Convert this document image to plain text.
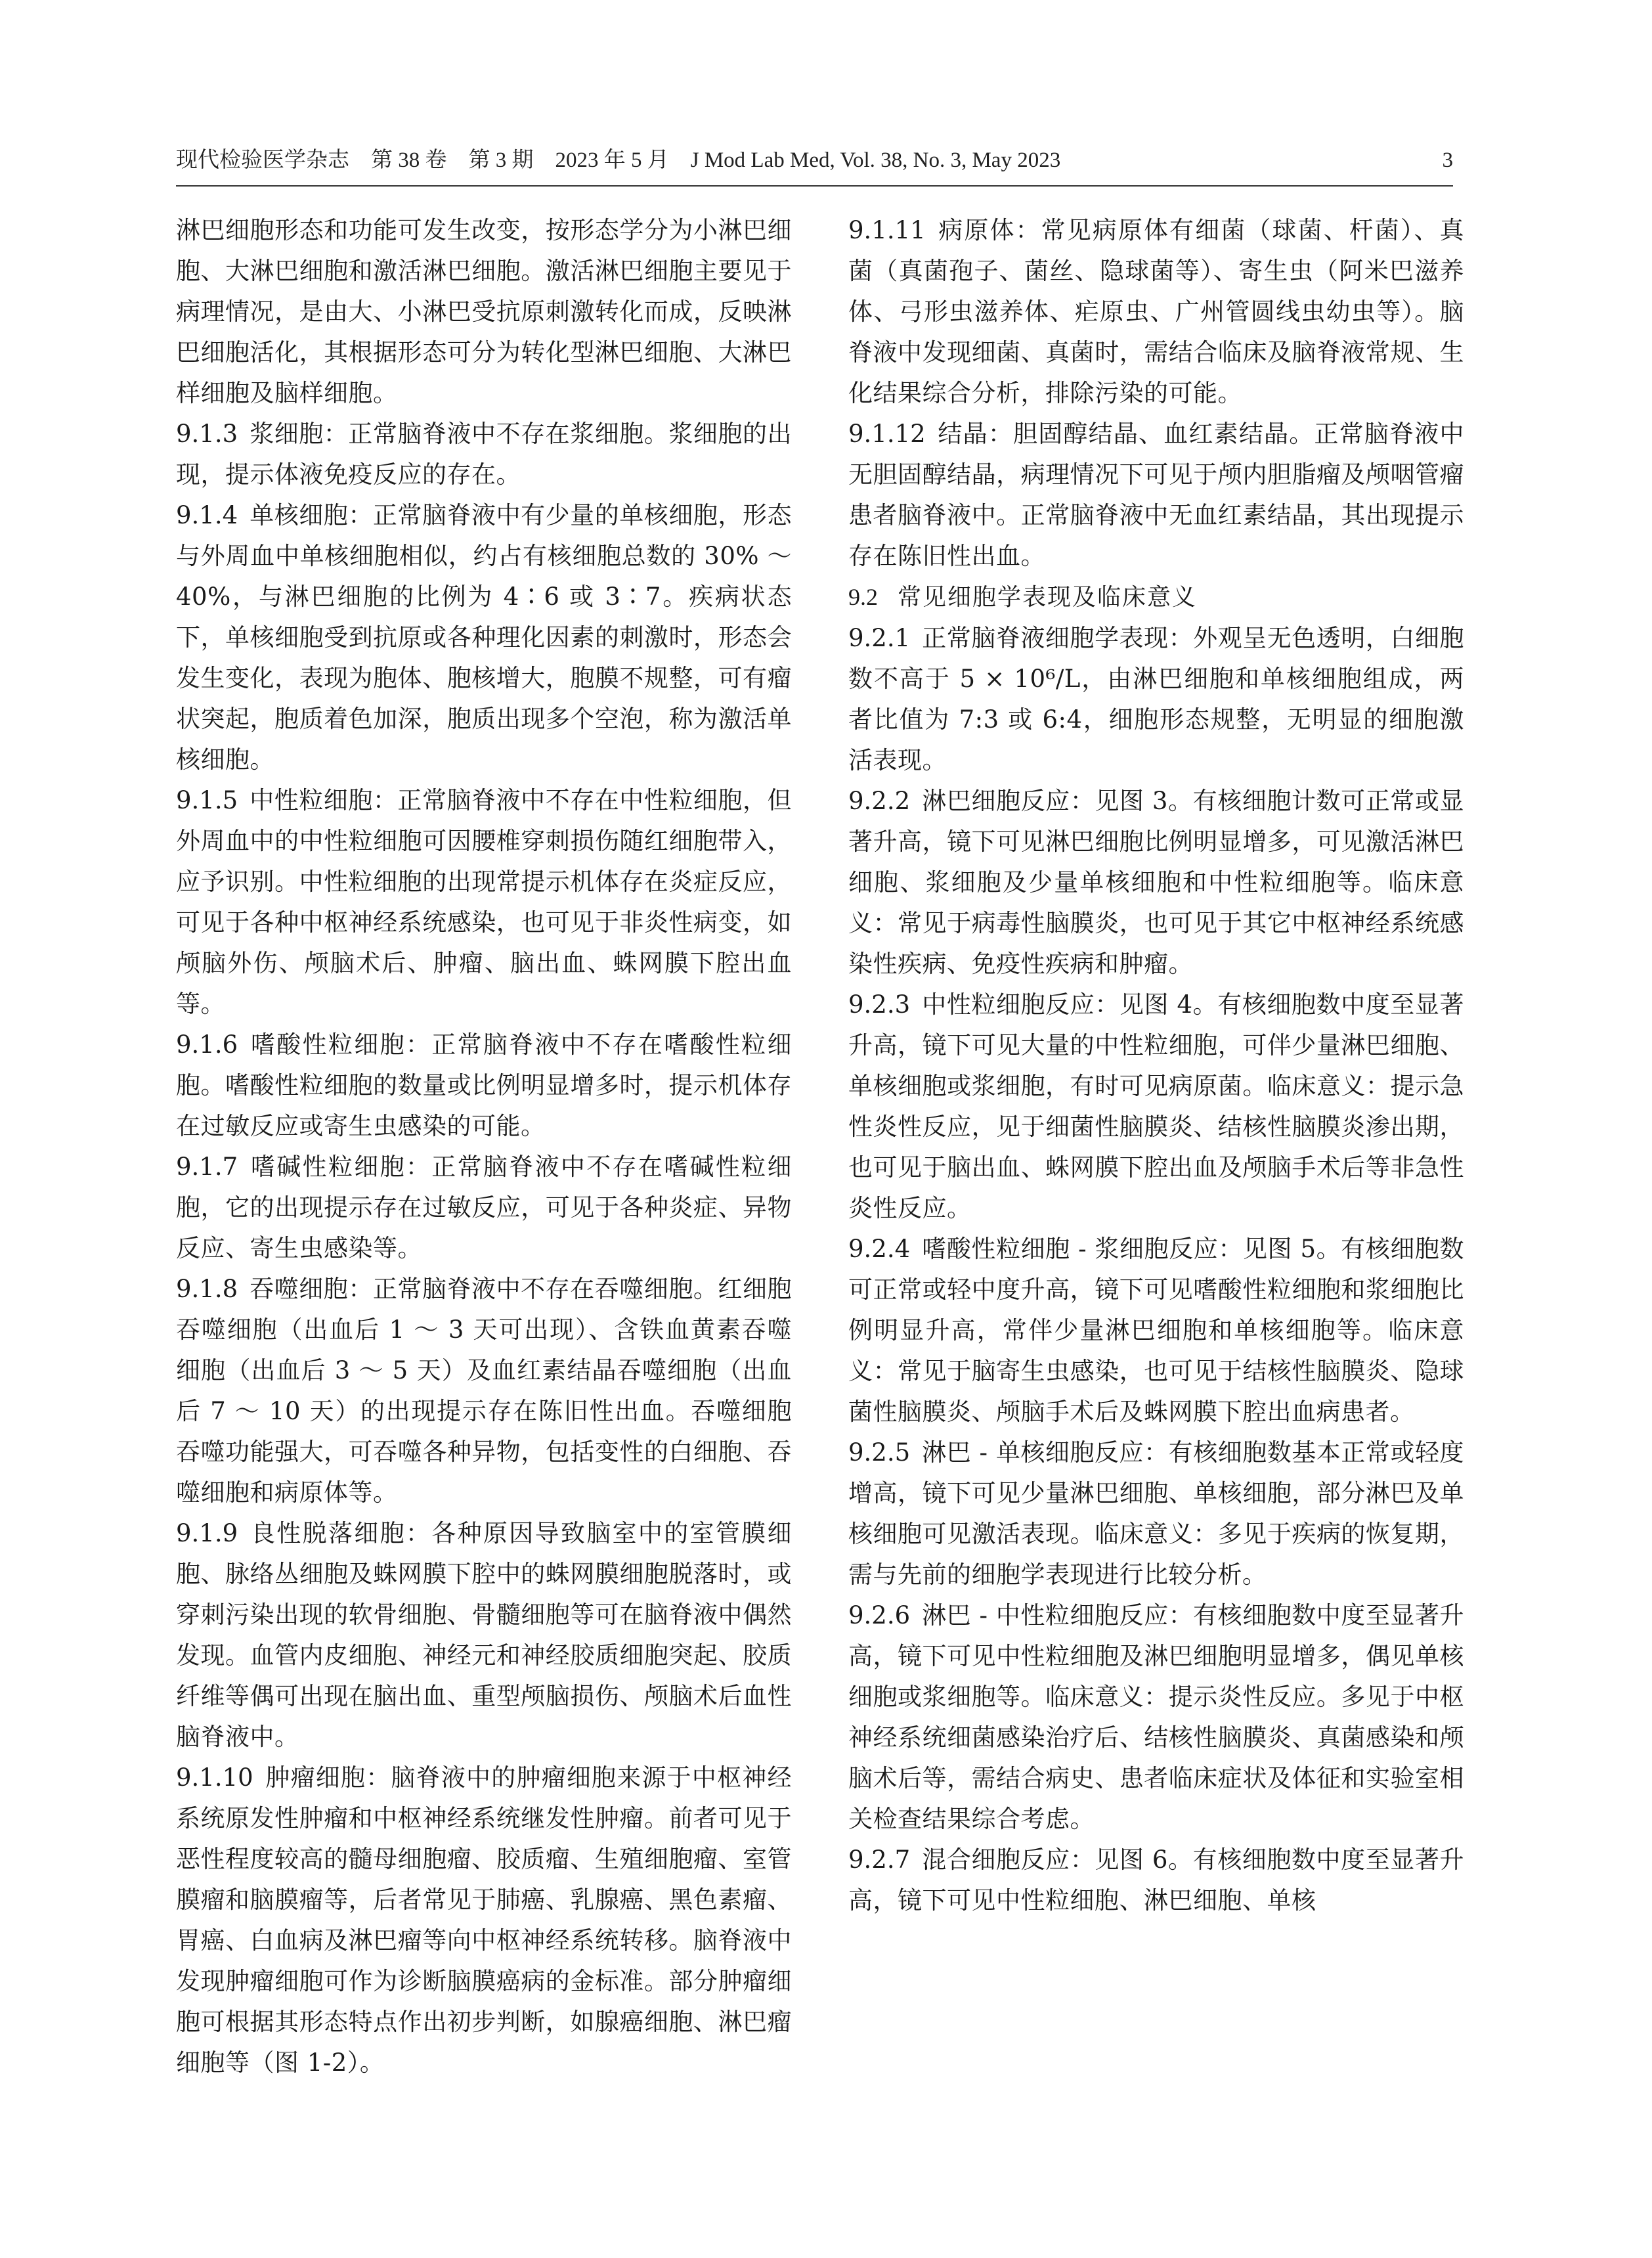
现代检验医学杂志　第 38 卷　第 3 期　2023 年 5 月　J Mod Lab Med, Vol. 38, No. 3, May 2023	3

淋巴细胞形态和功能可发生改变，按形态学分为小淋巴细胞、大淋巴细胞和激活淋巴细胞。激活淋巴细胞主要见于病理情况，是由大、小淋巴受抗原刺激转化而成，反映淋巴细胞活化，其根据形态可分为转化型淋巴细胞、大淋巴样细胞及脑样细胞。

9.1.3 浆细胞：正常脑脊液中不存在浆细胞。浆细胞的出现，提示体液免疫反应的存在。

9.1.4 单核细胞：正常脑脊液中有少量的单核细胞，形态与外周血中单核细胞相似，约占有核细胞总数的 30% ～ 40%，与淋巴细胞的比例为 4∶6 或 3∶7。疾病状态下，单核细胞受到抗原或各种理化因素的刺激时，形态会发生变化，表现为胞体、胞核增大，胞膜不规整，可有瘤状突起，胞质着色加深，胞质出现多个空泡，称为激活单核细胞。

9.1.5 中性粒细胞：正常脑脊液中不存在中性粒细胞，但外周血中的中性粒细胞可因腰椎穿刺损伤随红细胞带入，应予识别。中性粒细胞的出现常提示机体存在炎症反应，可见于各种中枢神经系统感染，也可见于非炎性病变，如颅脑外伤、颅脑术后、肿瘤、脑出血、蛛网膜下腔出血等。

9.1.6 嗜酸性粒细胞：正常脑脊液中不存在嗜酸性粒细胞。嗜酸性粒细胞的数量或比例明显增多时，提示机体存在过敏反应或寄生虫感染的可能。

9.1.7 嗜碱性粒细胞：正常脑脊液中不存在嗜碱性粒细胞，它的出现提示存在过敏反应，可见于各种炎症、异物反应、寄生虫感染等。

9.1.8 吞噬细胞：正常脑脊液中不存在吞噬细胞。红细胞吞噬细胞（出血后 1 ～ 3 天可出现）、含铁血黄素吞噬细胞（出血后 3 ～ 5 天）及血红素结晶吞噬细胞（出血后 7 ～ 10 天）的出现提示存在陈旧性出血。吞噬细胞吞噬功能强大，可吞噬各种异物，包括变性的白细胞、吞噬细胞和病原体等。

9.1.9 良性脱落细胞：各种原因导致脑室中的室管膜细胞、脉络丛细胞及蛛网膜下腔中的蛛网膜细胞脱落时，或穿刺污染出现的软骨细胞、骨髓细胞等可在脑脊液中偶然发现。血管内皮细胞、神经元和神经胶质细胞突起、胶质纤维等偶可出现在脑出血、重型颅脑损伤、颅脑术后血性脑脊液中。

9.1.10 肿瘤细胞：脑脊液中的肿瘤细胞来源于中枢神经系统原发性肿瘤和中枢神经系统继发性肿瘤。前者可见于恶性程度较高的髓母细胞瘤、胶质瘤、生殖细胞瘤、室管膜瘤和脑膜瘤等，后者常见于肺癌、乳腺癌、黑色素瘤、胃癌、白血病及淋巴瘤等向中枢神经系统转移。脑脊液中发现肿瘤细胞可作为诊断脑膜癌病的金标准。部分肿瘤细胞可根据其形态特点作出初步判断，如腺癌细胞、淋巴瘤细胞等（图 1-2）。

9.1.11 病原体：常见病原体有细菌（球菌、杆菌）、真菌（真菌孢子、菌丝、隐球菌等）、寄生虫（阿米巴滋养体、弓形虫滋养体、疟原虫、广州管圆线虫幼虫等）。脑脊液中发现细菌、真菌时，需结合临床及脑脊液常规、生化结果综合分析，排除污染的可能。

9.1.12 结晶：胆固醇结晶、血红素结晶。正常脑脊液中无胆固醇结晶，病理情况下可见于颅内胆脂瘤及颅咽管瘤患者脑脊液中。正常脑脊液中无血红素结晶，其出现提示存在陈旧性出血。

9.2 常见细胞学表现及临床意义

9.2.1 正常脑脊液细胞学表现：外观呈无色透明，白细胞数不高于 5 × 10⁶/L，由淋巴细胞和单核细胞组成，两者比值为 7:3 或 6:4，细胞形态规整，无明显的细胞激活表现。

9.2.2 淋巴细胞反应：见图 3。有核细胞计数可正常或显著升高，镜下可见淋巴细胞比例明显增多，可见激活淋巴细胞、浆细胞及少量单核细胞和中性粒细胞等。临床意义：常见于病毒性脑膜炎，也可见于其它中枢神经系统感染性疾病、免疫性疾病和肿瘤。

9.2.3 中性粒细胞反应：见图 4。有核细胞数中度至显著升高，镜下可见大量的中性粒细胞，可伴少量淋巴细胞、单核细胞或浆细胞，有时可见病原菌。临床意义：提示急性炎性反应，见于细菌性脑膜炎、结核性脑膜炎渗出期，也可见于脑出血、蛛网膜下腔出血及颅脑手术后等非急性炎性反应。

9.2.4 嗜酸性粒细胞 - 浆细胞反应：见图 5。有核细胞数可正常或轻中度升高，镜下可见嗜酸性粒细胞和浆细胞比例明显升高，常伴少量淋巴细胞和单核细胞等。临床意义：常见于脑寄生虫感染，也可见于结核性脑膜炎、隐球菌性脑膜炎、颅脑手术后及蛛网膜下腔出血病患者。

9.2.5 淋巴 - 单核细胞反应：有核细胞数基本正常或轻度增高，镜下可见少量淋巴细胞、单核细胞，部分淋巴及单核细胞可见激活表现。临床意义：多见于疾病的恢复期，需与先前的细胞学表现进行比较分析。

9.2.6 淋巴 - 中性粒细胞反应：有核细胞数中度至显著升高，镜下可见中性粒细胞及淋巴细胞明显增多，偶见单核细胞或浆细胞等。临床意义：提示炎性反应。多见于中枢神经系统细菌感染治疗后、结核性脑膜炎、真菌感染和颅脑术后等，需结合病史、患者临床症状及体征和实验室相关检查结果综合考虑。

9.2.7 混合细胞反应：见图 6。有核细胞数中度至显著升高，镜下可见中性粒细胞、淋巴细胞、单核
